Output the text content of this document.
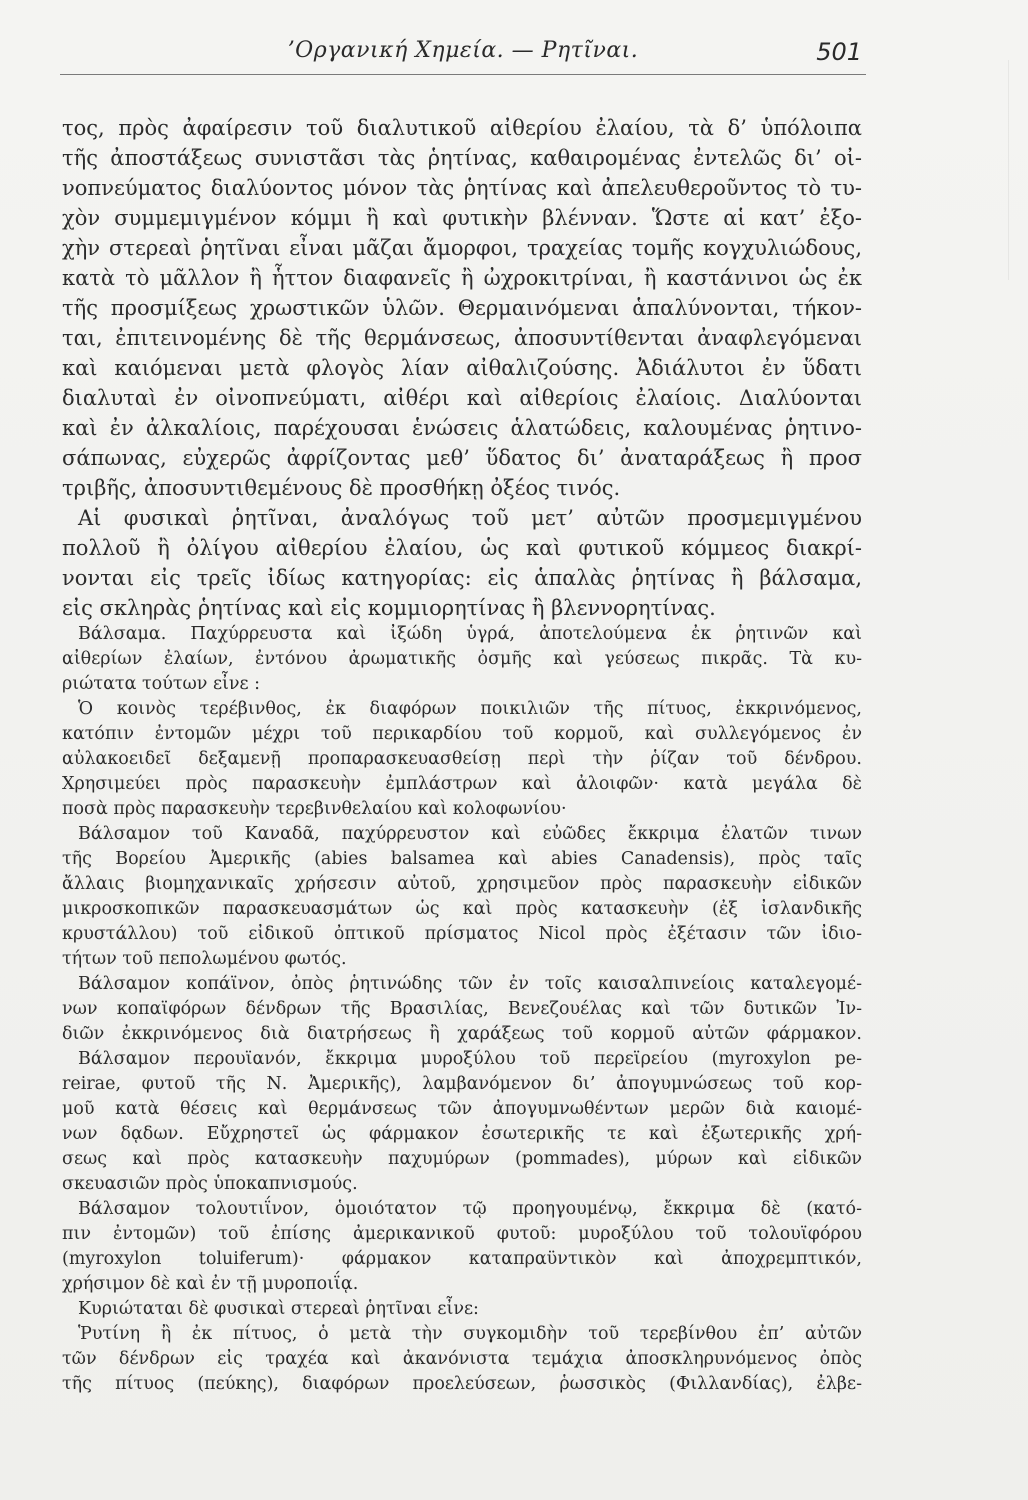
’Οργανική Χημεία. — Ρητῖναι.	501

τος, πρὸς ἀφαίρεσιν τοῦ διαλυτικοῦ αἰθερίου ἐλαίου, τὰ δ’ ὑπόλοιπα

τῆς ἀποστάξεως συνιστᾶσι τὰς ῥητίνας, καθαιρομένας ἐντελῶς δι’ οἰ-

νοπνεύματος διαλύοντος μόνον τὰς ῥητίνας καὶ ἀπελευθεροῦντος τὸ τυ-

χὸν συμμεμιγμένον κόμμι ἢ καὶ φυτικὴν βλένναν. Ὥστε αἱ κατ’ ἐξο-

χὴν στερεαὶ ῥητῖναι εἶναι μᾶζαι ἄμορφοι, τραχείας τομῆς κογχυλιώδους,

κατὰ τὸ μᾶλλον ἢ ἧττον διαφανεῖς ἢ ὠχροκιτρίναι, ἢ καστάνινοι ὡς ἐκ

τῆς προσμίξεως χρωστικῶν ὑλῶν. Θερμαινόμεναι ἁπαλύνονται, τήκον-

ται, ἐπιτεινομένης δὲ τῆς θερμάνσεως, ἀποσυντίθενται ἀναφλεγόμεναι

καὶ καιόμεναι μετὰ φλογὸς λίαν αἰθαλιζούσης. Ἀδιάλυτοι ἐν ὕδατι

διαλυταὶ ἐν οἰνοπνεύματι, αἰθέρι καὶ αἰθερίοις ἐλαίοις. Διαλύονται

καὶ ἐν ἀλκαλίοις, παρέχουσαι ἑνώσεις ἁλατώδεις, καλουμένας ῥητινο-

σάπωνας, εὐχερῶς ἀφρίζοντας μεθ’ ὕδατος δι’ ἀναταράξεως ἢ προσ

τριβῆς, ἀποσυντιθεμένους δὲ προσθήκῃ ὀξέος τινός.

Αἱ φυσικαὶ ῥητῖναι, ἀναλόγως τοῦ μετ’ αὐτῶν προσμεμιγμένου

πολλοῦ ἢ ὀλίγου αἰθερίου ἐλαίου, ὡς καὶ φυτικοῦ κόμμεος διακρί-

νονται εἰς τρεῖς ἰδίως κατηγορίας: εἰς ἁπαλὰς ῥητίνας ἢ βάλσαμα,

εἰς σκληρὰς ῥητίνας καὶ εἰς κομμιορητίνας ἢ βλεννορητίνας.

Βάλσαμα. Παχύρρευστα καὶ ἰξώδη ὑγρά, ἀποτελούμενα ἐκ ῥητινῶν καὶ

αἰθερίων ἐλαίων, ἐντόνου ἀρωματικῆς ὀσμῆς καὶ γεύσεως πικρᾶς. Τὰ κυ-

ριώτατα τούτων εἶνε :

Ὁ κοινὸς τερέβινθος, ἐκ διαφόρων ποικιλιῶν τῆς πίτυος, ἐκκρινόμενος,

κατόπιν ἐντομῶν μέχρι τοῦ περικαρδίου τοῦ κορμοῦ, καὶ συλλεγόμενος ἐν

αὐλακοειδεῖ δεξαμενῇ προπαρασκευασθείσῃ περὶ τὴν ῥίζαν τοῦ δένδρου.

Χρησιμεύει πρὸς παρασκευὴν ἐμπλάστρων καὶ ἀλοιφῶν· κατὰ μεγάλα δὲ

ποσὰ πρὸς παρασκευὴν τερεβινθελαίου καὶ κολοφωνίου·

Βάλσαμον τοῦ Καναδᾶ, παχύρρευστον καὶ εὐῶδες ἔκκριμα ἐλατῶν τινων

τῆς Βορείου Ἀμερικῆς (abies balsamea καὶ abies Canadensis), πρὸς ταῖς

ἄλλαις βιομηχανικαῖς χρήσεσιν αὐτοῦ, χρησιμεῦον πρὸς παρασκευὴν εἰδικῶν

μικροσκοπικῶν παρασκευασμάτων ὡς καὶ πρὸς κατασκευὴν (ἐξ ἰσλανδικῆς

κρυστάλλου) τοῦ εἰδικοῦ ὀπτικοῦ πρίσματος Nicol πρὸς ἐξέτασιν τῶν ἰδιο-

τήτων τοῦ πεπολωμένου φωτός.

Βάλσαμον κοπάϊνον, ὀπὸς ῥητινώδης τῶν ἐν τοῖς καισαλπινείοις καταλεγομέ-

νων κοπαϊφόρων δένδρων τῆς Βρασιλίας, Βενεζουέλας καὶ τῶν δυτικῶν Ἰν-

διῶν ἐκκρινόμενος διὰ διατρήσεως ἢ χαράξεως τοῦ κορμοῦ αὐτῶν φάρμακον.

Βάλσαμον περουϊανόν, ἔκκριμα μυροξύλου τοῦ περεϊρείου (myroxylon pe-

reirae, φυτοῦ τῆς Ν. Ἀμερικῆς), λαμβανόμενον δι’ ἀπογυμνώσεως τοῦ κορ-

μοῦ κατὰ θέσεις καὶ θερμάνσεως τῶν ἀπογυμνωθέντων μερῶν διὰ καιομέ-

νων δᾳδων. Εὔχρηστεῖ ὡς φάρμακον ἐσωτερικῆς τε καὶ ἐξωτερικῆς χρή-

σεως καὶ πρὸς κατασκευὴν παχυμύρων (pommades), μύρων καὶ εἰδικῶν

σκευασιῶν πρὸς ὑποκαπνισμούς.

Βάλσαμον τολουτιΐνον, ὁμοιότατον τῷ προηγουμένῳ, ἔκκριμα δὲ (κατό-

πιν ἐντομῶν) τοῦ ἐπίσης ἀμερικανικοῦ φυτοῦ: μυροξύλου τοῦ τολουϊφόρου

(myroxylon toluiferum)· φάρμακον καταπραϋντικὸν καὶ ἀποχρεμπτικόν,

χρήσιμον δὲ καὶ ἐν τῇ μυροποιΐᾳ.

Κυριώταται δὲ φυσικαὶ στερεαὶ ῥητῖναι εἶνε:

Ῥυτίνη ἢ ἐκ πίτυος, ὁ μετὰ τὴν συγκομιδὴν τοῦ τερεβίνθου ἐπ’ αὐτῶν

τῶν δένδρων εἰς τραχέα καὶ ἀκανόνιστα τεμάχια ἀποσκληρυνόμενος ὀπὸς

τῆς πίτυος (πεύκης), διαφόρων προελεύσεων, ῥωσσικὸς (Φιλλανδίας), ἐλβε-
